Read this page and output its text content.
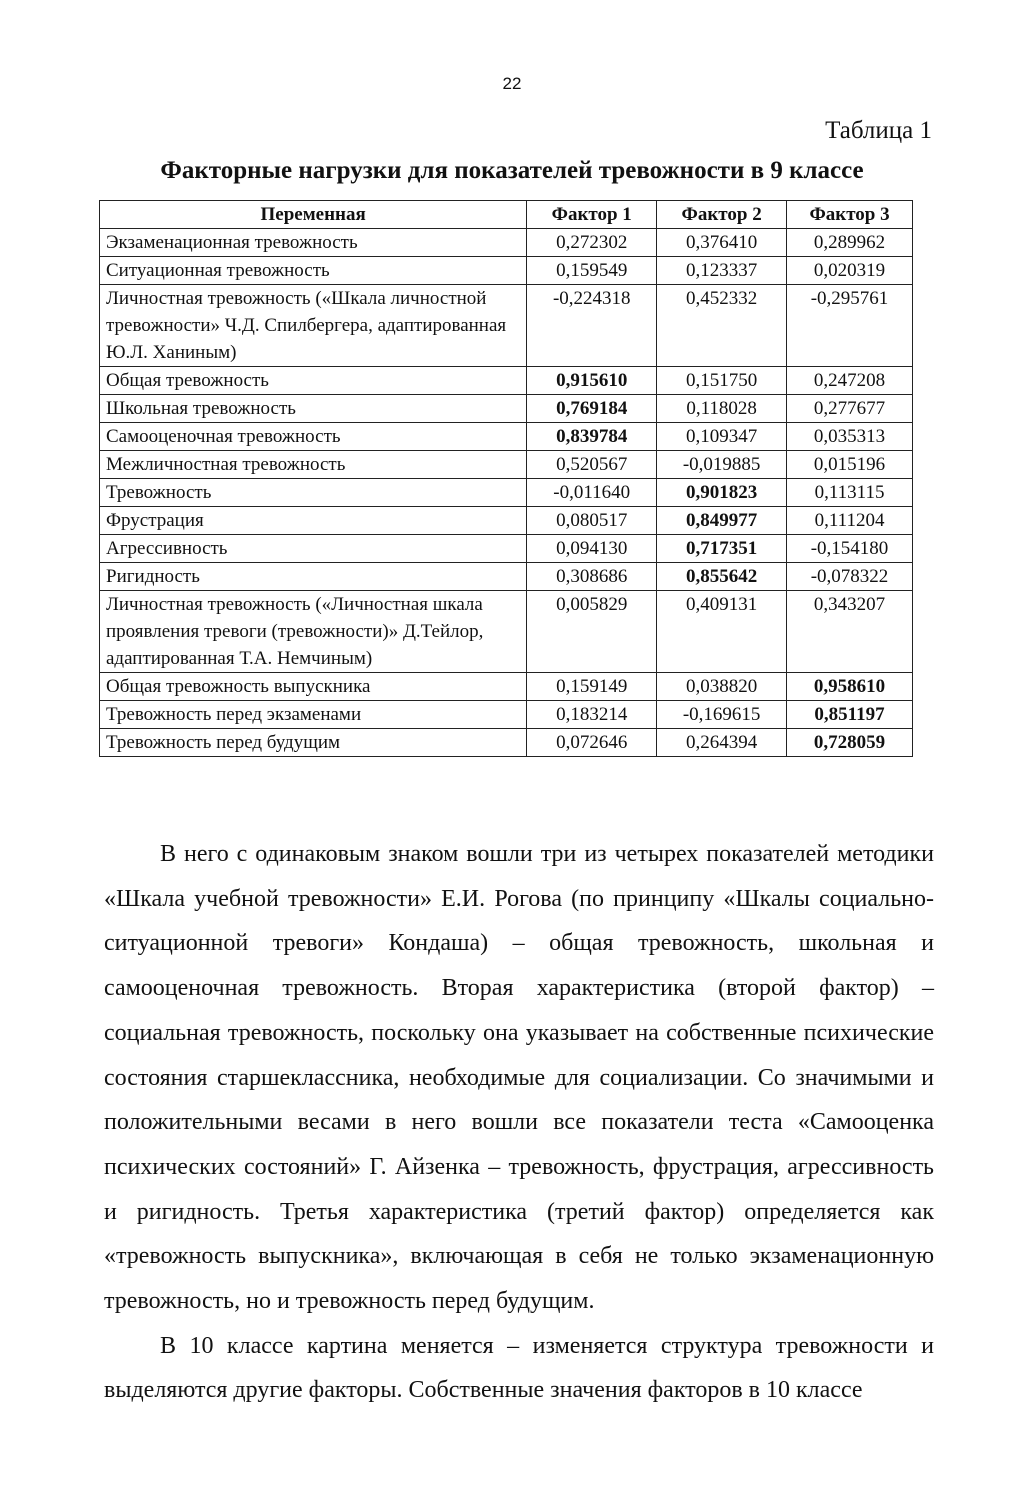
22
Таблица 1
Факторные нагрузки для показателей тревожности в 9 классе
Переменная	Фактор 1	Фактор 2	Фактор 3
Экзаменационная тревожность	0,272302	0,376410	0,289962
Ситуационная тревожность	0,159549	0,123337	0,020319
Личностная тревожность («Шкала личностной тревожности» Ч.Д. Спилбергера, адаптированная Ю.Л. Ханиным)	-0,224318	0,452332	-0,295761
Общая тревожность	0,915610	0,151750	0,247208
Школьная тревожность	0,769184	0,118028	0,277677
Самооценочная тревожность	0,839784	0,109347	0,035313
Межличностная тревожность	0,520567	-0,019885	0,015196
Тревожность	-0,011640	0,901823	0,113115
Фрустрация	0,080517	0,849977	0,111204
Агрессивность	0,094130	0,717351	-0,154180
Ригидность	0,308686	0,855642	-0,078322
Личностная тревожность («Личностная шкала проявления тревоги (тревожности)» Д.Тейлор, адаптированная Т.А. Немчиным)	0,005829	0,409131	0,343207
Общая тревожность выпускника	0,159149	0,038820	0,958610
Тревожность перед экзаменами	0,183214	-0,169615	0,851197
Тревожность перед будущим	0,072646	0,264394	0,728059

В него с одинаковым знаком вошли три из четырех показателей методики «Шкала учебной тревожности» Е.И. Рогова (по принципу «Шкалы социально-ситуационной тревоги» Кондаша) – общая тревожность, школьная и самооценочная тревожность. Вторая характеристика (второй фактор) – социальная тревожность, поскольку она указывает на собственные психические состояния старшеклассника, необходимые для социализации. Со значимыми и положительными весами в него вошли все показатели теста «Самооценка психических состояний» Г. Айзенка – тревожность, фрустрация, агрессивность и ригидность. Третья характеристика (третий фактор) определяется как «тревожность выпускника», включающая в себя не только экзаменационную тревожность, но и тревожность перед будущим.

В 10 классе картина меняется – изменяется структура тревожности и выделяются другие факторы. Собственные значения факторов в 10 классе
